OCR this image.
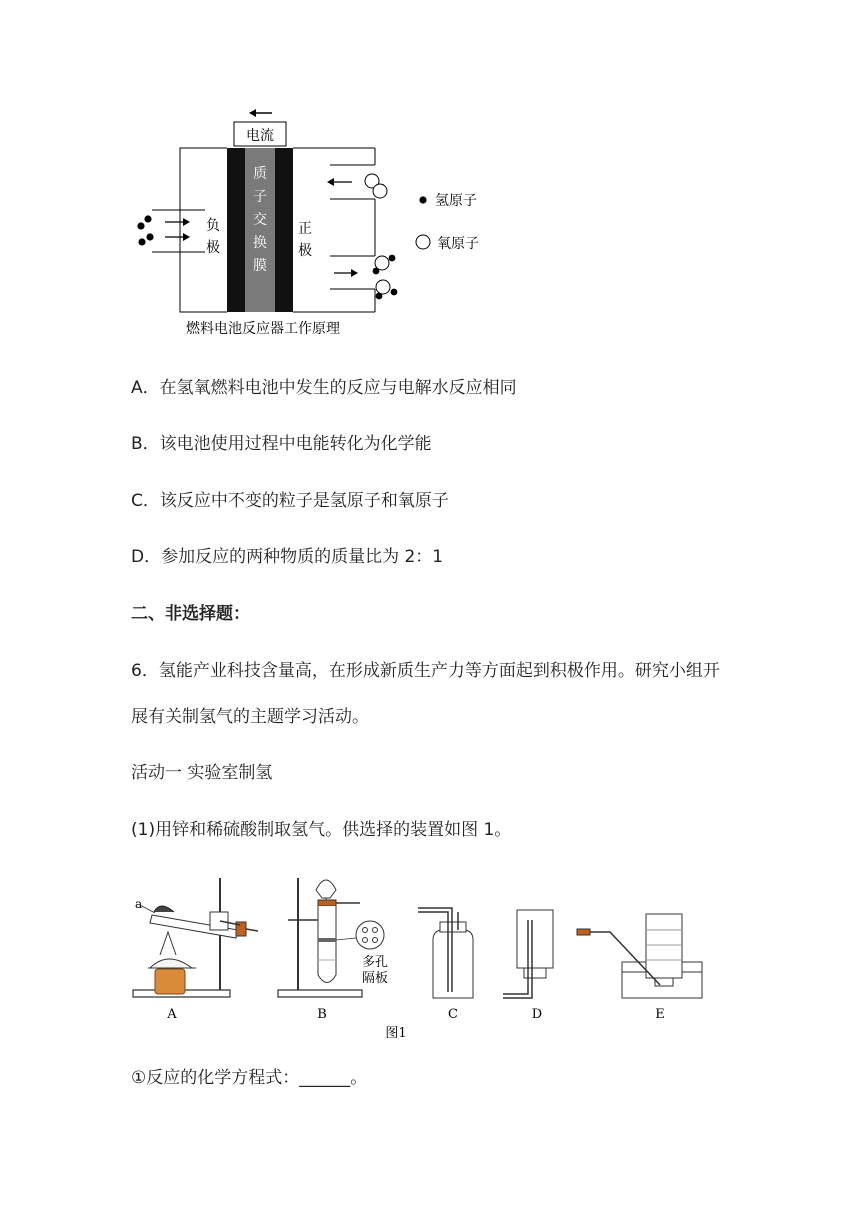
电流
质
子
交
换
膜
负
极
正
极
氢原子
氧原子
燃料电池反应器工作原理
A．在氢氧燃料电池中发生的反应与电解水反应相同
B．该电池使用过程中电能转化为化学能
C．该反应中不变的粒子是氢原子和氧原子
D．参加反应的两种物质的质量比为 2：1
二、非选择题：
6．氢能产业科技含量高，在形成新质生产力等方面起到积极作用。研究小组开
展有关制氢气的主题学习活动。
活动一 实验室制氢
(1)用锌和稀硫酸制取氢气。供选择的装置如图 1。
a
多孔
隔板
A	B	C	D	E
图1
①反应的化学方程式：______。
